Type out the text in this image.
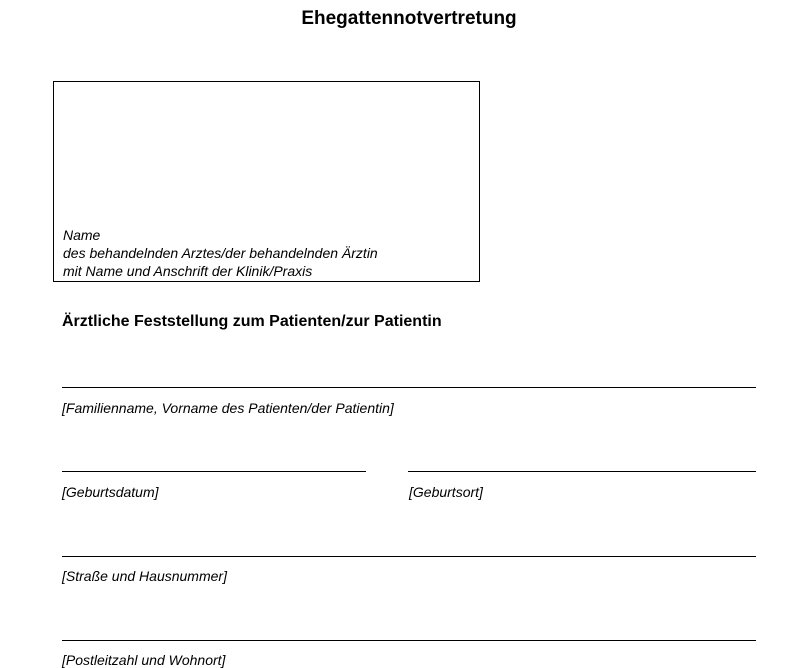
Ehegattennotvertretung
Name
des behandelnden Arztes/der behandelnden Ärztin
mit Name und Anschrift der Klinik/Praxis
Ärztliche Feststellung zum Patienten/zur Patientin
[Familienname, Vorname des Patienten/der Patientin]
[Geburtsdatum]	[Geburtsort]
[Straße und Hausnummer]
[Postleitzahl und Wohnort]
